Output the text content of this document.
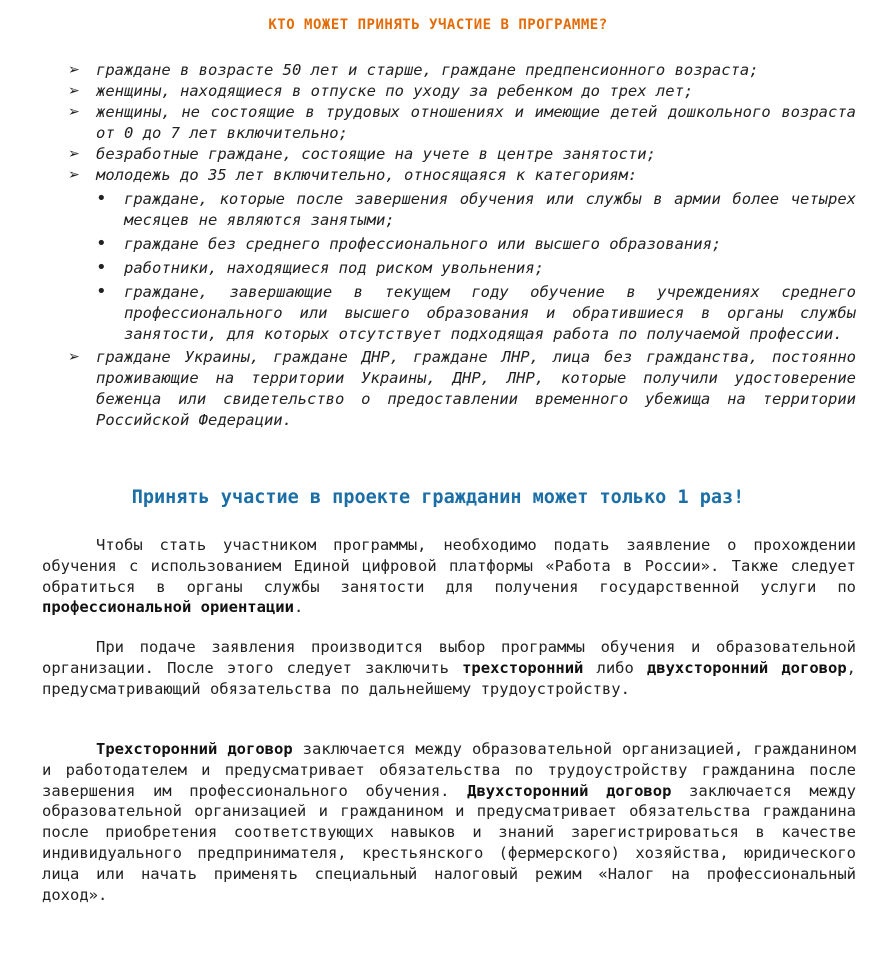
КТО МОЖЕТ ПРИНЯТЬ УЧАСТИЕ В ПРОГРАММЕ?
➢ граждане в возрасте 50 лет и старше, граждане предпенсионного возраста;
➢ женщины, находящиеся в отпуске по уходу за ребенком до трех лет;
➢ женщины, не состоящие в трудовых отношениях и имеющие детей дошкольного возраста от 0 до 7 лет включительно;
➢ безработные граждане, состоящие на учете в центре занятости;
➢ молодежь до 35 лет включительно, относящаяся к категориям:
• граждане, которые после завершения обучения или службы в армии более четырех месяцев не являются занятыми;
• граждане без среднего профессионального или высшего образования;
• работники, находящиеся под риском увольнения;
• граждане, завершающие в текущем году обучение в учреждениях среднего профессионального или высшего образования и обратившиеся в органы службы занятости, для которых отсутствует подходящая работа по получаемой профессии.
➢ граждане Украины, граждане ДНР, граждане ЛНР, лица без гражданства, постоянно проживающие на территории Украины, ДНР, ЛНР, которые получили удостоверение беженца или свидетельство о предоставлении временного убежища на территории Российской Федерации.
Принять участие в проекте гражданин может только 1 раз!
Чтобы стать участником программы, необходимо подать заявление о прохождении обучения с использованием Единой цифровой платформы «Работа в России». Также следует обратиться в органы службы занятости для получения государственной услуги по профессиональной ориентации.
При подаче заявления производится выбор программы обучения и образовательной организации. После этого следует заключить трехсторонний либо двухсторонний договор, предусматривающий обязательства по дальнейшему трудоустройству.
Трехсторонний договор заключается между образовательной организацией, гражданином и работодателем и предусматривает обязательства по трудоустройству гражданина после завершения им профессионального обучения. Двухсторонний договор заключается между образовательной организацией и гражданином и предусматривает обязательства гражданина после приобретения соответствующих навыков и знаний зарегистрироваться в качестве индивидуального предпринимателя, крестьянского (фермерского) хозяйства, юридического лица или начать применять специальный налоговый режим «Налог на профессиональный доход».
